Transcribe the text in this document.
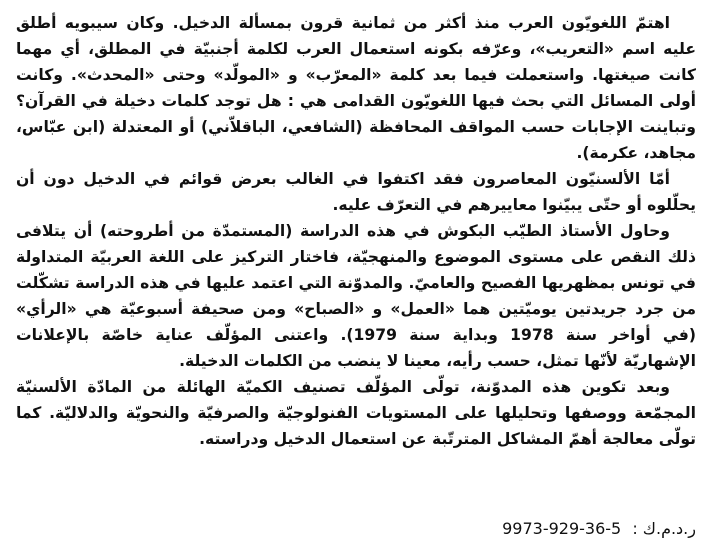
اهتمّ اللغويّون العرب منذ أكثر من ثمانية قرون بمسألة الدخيل. وكان سيبويه أطلق عليه اسم «التعريب»، وعرّفه بكونه استعمال العرب لكلمة أجنبيّة في المطلق، أي مهما كانت صيغتها. واستعملت فيما بعد كلمة «المعرّب» و «المولّد» وحتى «المحدث». وكانت أولى المسائل التي بحث فيها اللغويّون القدامى هي : هل توجد كلمات دخيلة في القرآن؟ وتباينت الإجابات حسب المواقف المحافظة (الشافعي، الباقلاّني) أو المعتدلة (ابن عبّاس، مجاهد، عكرمة).

أمّا الألسنيّون المعاصرون فقد اكتفوا في الغالب بعرض قوائم في الدخيل دون أن يحلّلوه أو حتّى يبيّنوا معاييرهم في التعرّف عليه.

وحاول الأستاذ الطيّب البكوش في هذه الدراسة (المستمدّة من أطروحته) أن يتلافى ذلك النقص على مستوى الموضوع والمنهجيّة، فاختار التركيز على اللغة العربيّة المتداولة في تونس بمظهريها الفصيح والعاميّ. والمدوّنة التي اعتمد عليها في هذه الدراسة تشكّلت من جرد جريدتين يوميّتين هما «العمل» و «الصباح» ومن صحيفة أسبوعيّة هي «الرأي» (في أواخر سنة 1978 وبداية سنة 1979). واعتنى المؤلّف عناية خاصّة بالإعلانات الإشهاريّة لأنّها تمثل، حسب رأيه، معينا لا ينضب من الكلمات الدخيلة.

وبعد تكوين هذه المدوّنة، تولّى المؤلّف تصنيف الكميّة الهائلة من المادّة الألسنيّة المجمّعة ووصفها وتحليلها على المستويات الفنولوجيّة والصرفيّة والنحويّة والدلاليّة. كما تولّى معالجة أهمّ المشاكل المترتّبة عن استعمال الدخيل ودراسته.

ر.د.م.ك : 9973-929-36-5
